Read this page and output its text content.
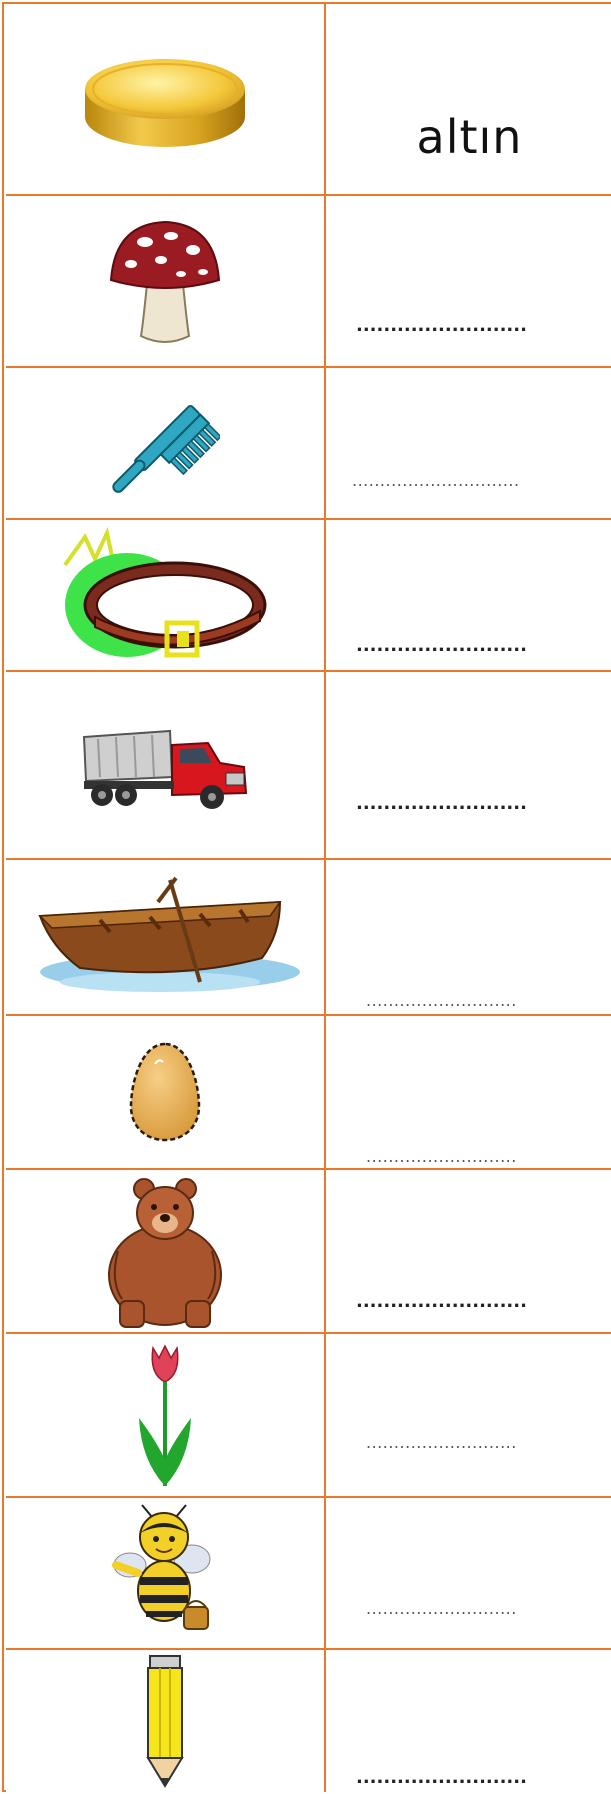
altın
.........................
..............................
.........................
.........................
...........................
...........................
.........................
...........................
...........................
.........................
